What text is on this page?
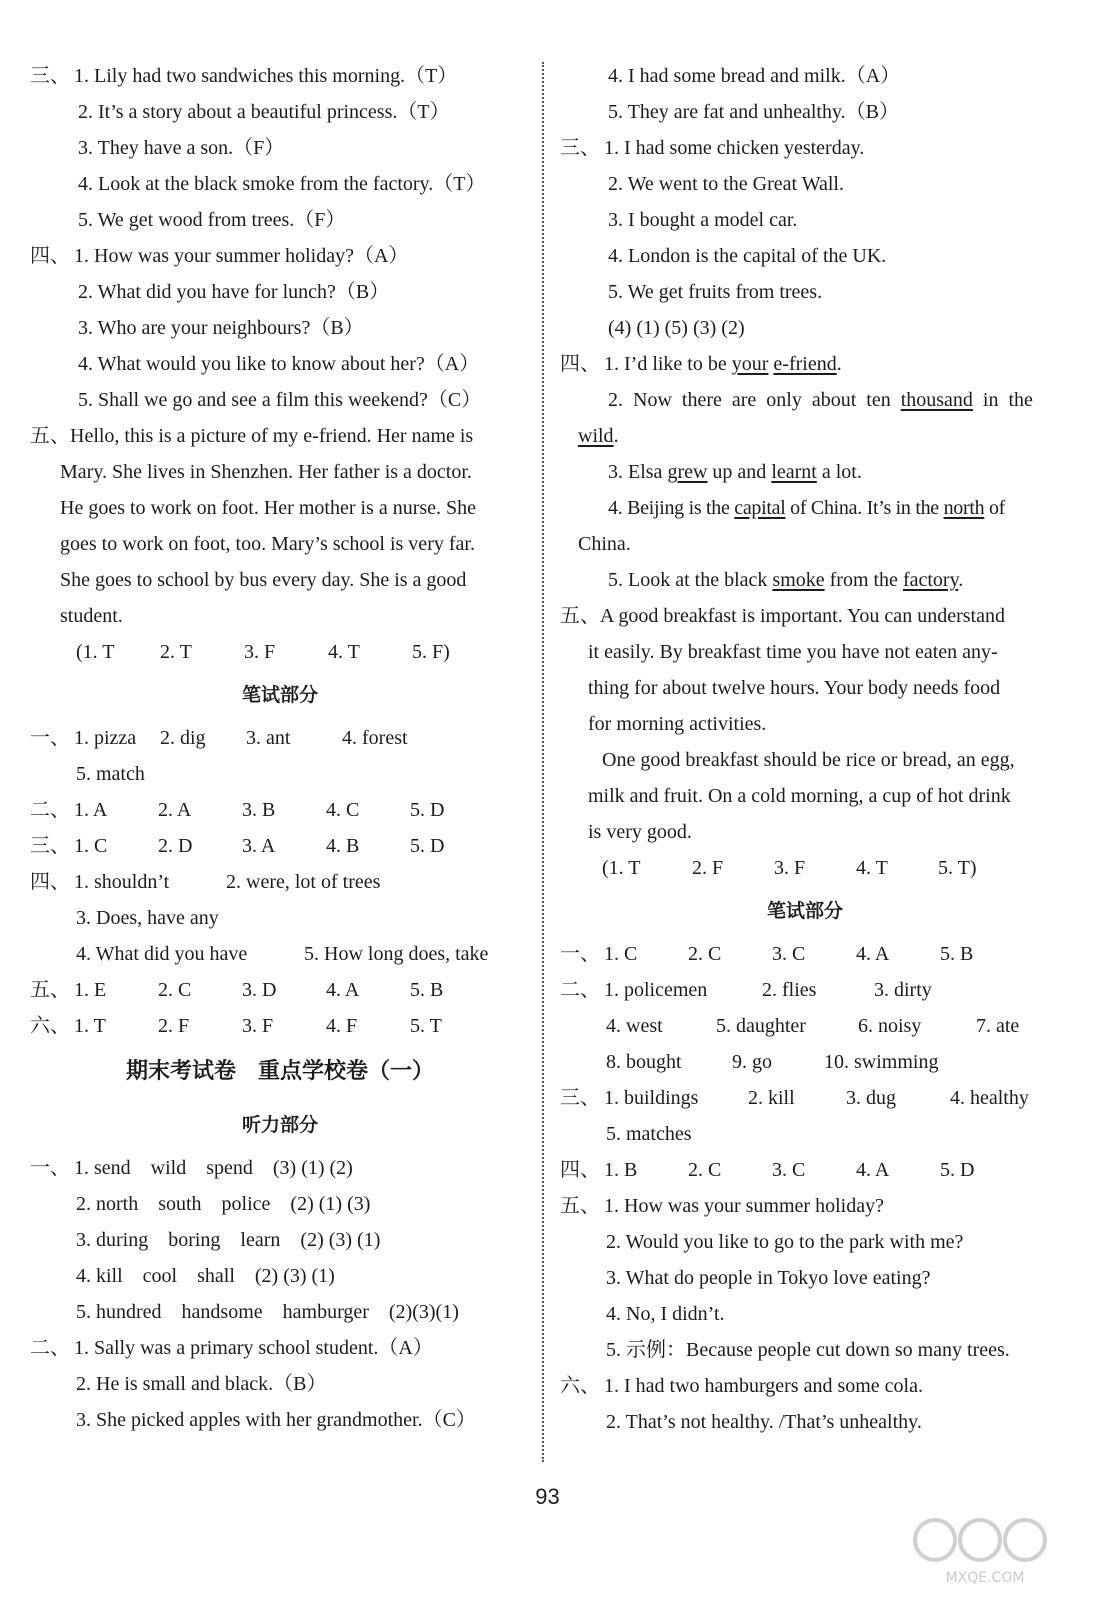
三、 1. Lily had two sandwiches this morning.（T）
2. It’s a story about a beautiful princess.（T）
3. They have a son.（F）
4. Look at the black smoke from the factory.（T）
5. We get wood from trees.（F）
四、 1. How was your summer holiday?（A）
2. What did you have for lunch?（B）
3. Who are your neighbours?（B）
4. What would you like to know about her?（A）
5. Shall we go and see a film this weekend?（C）
五、Hello, this is a picture of my e-friend. Her name is
Mary. She lives in Shenzhen. Her father is a doctor.
He goes to work on foot. Her mother is a nurse. She
goes to work on foot, too. Mary’s school is very far.
She goes to school by bus every day. She is a good
student.
(1. T 2. T	3. F	4. T	5. F)
笔试部分
一、 1. pizza 2. dig 3. ant	4. forest
5. match
二、 1. A	2. A	3. B	4. C	5. D
三、 1. C	2. D 3. A	4. B	5. D
四、 1. shouldn’t	2. were, lot of trees
3. Does, have any
4. What did you have	5. How long does, take
五、 1. E	2. C	3. D 4. A	5. B
六、 1. T	2. F	3. F	4. F	5. T
期末考试卷　重点学校卷（一）
听力部分
一、 1. send　wild　spend　(3) (1) (2)
2. north　south　police　(2) (1) (3)
3. during　boring　learn　(2) (3) (1)
4. kill　cool　shall　(2) (3) (1)
5. hundred　handsome　hamburger　(2)(3)(1)
二、 1. Sally was a primary school student.（A）
2. He is small and black.（B）
3. She picked apples with her grandmother.（C）
4. I had some bread and milk.（A）
5. They are fat and unhealthy.（B）
三、 1. I had some chicken yesterday.
2. We went to the Great Wall.
3. I bought a model car.
4. London is the capital of the UK.
5. We get fruits from trees.
(4) (1) (5) (3) (2)
四、 1. I’d like to be your e-friend.
2. Now there are only about ten thousand in the
wild.
3. Elsa grew up and learnt a lot.
4. Beijing is the capital of China. It’s in the north of
China.
5. Look at the black smoke from the factory.
五、A good breakfast is important. You can understand
it easily. By breakfast time you have not eaten any-
thing for about twelve hours. Your body needs food
for morning activities.
One good breakfast should be rice or bread, an egg,
milk and fruit. On a cold morning, a cup of hot drink
is very good.
(1. T	2. F	3. F	4. T	5. T)
笔试部分
一、 1. C	2. C	3. C	4. A	5. B
二、 1. policemen	2. flies	3. dirty
4. west	5. daughter	6. noisy	7. ate
8. bought	9. go	10. swimming
三、 1. buildings 2. kill	3. dug	4. healthy
5. matches
四、 1. B	2. C	3. C	4. A	5. D
五、 1. How was your summer holiday?
2. Would you like to go to the park with me?
3. What do people in Tokyo love eating?
4. No, I didn’t.
5. 示例：Because people cut down so many trees.
六、 1. I had two hamburgers and some cola.
2. That’s not healthy. /That’s unhealthy.
93
MXQE.COM
